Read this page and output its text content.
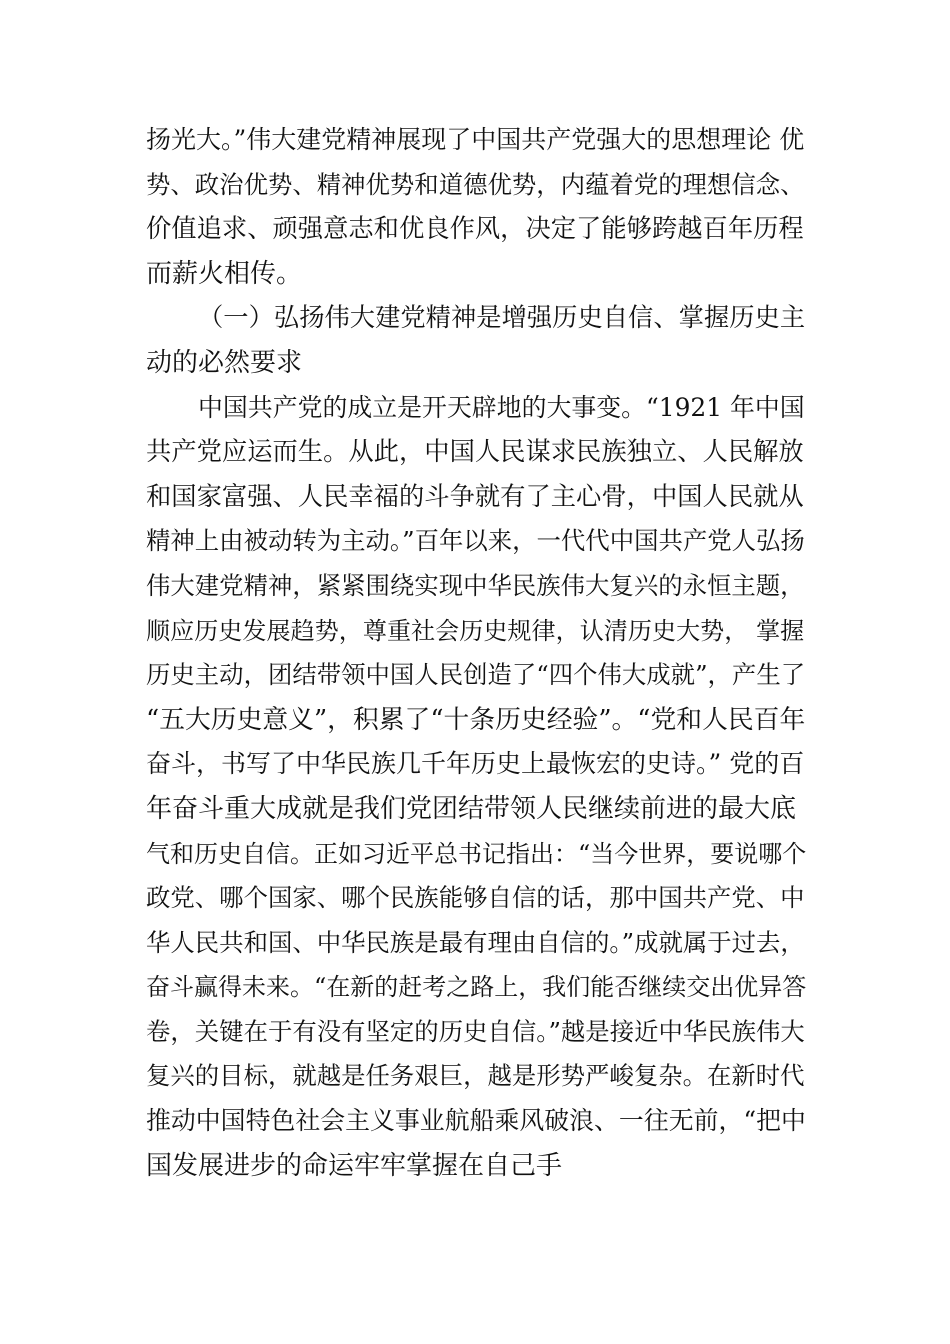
扬光大。”伟大建党精神展现了中国共产党强大的思想理论 优
势、政治优势、精神优势和道德优势，内蕴着党的理想信念、
价值追求、顽强意志和优良作风，决定了能够跨越百年历程
而薪火相传。
（一）弘扬伟大建党精神是增强历史自信、掌握历史主
动的必然要求
中国共产党的成立是开天辟地的大事变。“1921 年中国
共产党应运而生。从此，中国人民谋求民族独立、人民解放
和国家富强、人民幸福的斗争就有了主心骨，中国人民就从
精神上由被动转为主动。”百年以来，一代代中国共产党人弘扬
伟大建党精神，紧紧围绕实现中华民族伟大复兴的永恒主题，
顺应历史发展趋势，尊重社会历史规律，认清历史大势， 掌握
历史主动，团结带领中国人民创造了“四个伟大成就”，产生了
“五大历史意义”，积累了“十条历史经验”。“党和人民百年
奋斗，书写了中华民族几千年历史上最恢宏的史诗。” 党的百
年奋斗重大成就是我们党团结带领人民继续前进的最大底
气和历史自信。正如习近平总书记指出：“当今世界，要说哪个
政党、哪个国家、哪个民族能够自信的话，那中国共产党、中
华人民共和国、中华民族是最有理由自信的。”成就属于过去，
奋斗赢得未来。“在新的赶考之路上，我们能否继续交出优异答
卷，关键在于有没有坚定的历史自信。”越是接近中华民族伟大
复兴的目标，就越是任务艰巨，越是形势严峻复杂。在新时代
推动中国特色社会主义事业航船乘风破浪、一往无前，“把中
国发展进步的命运牢牢掌握在自己手
